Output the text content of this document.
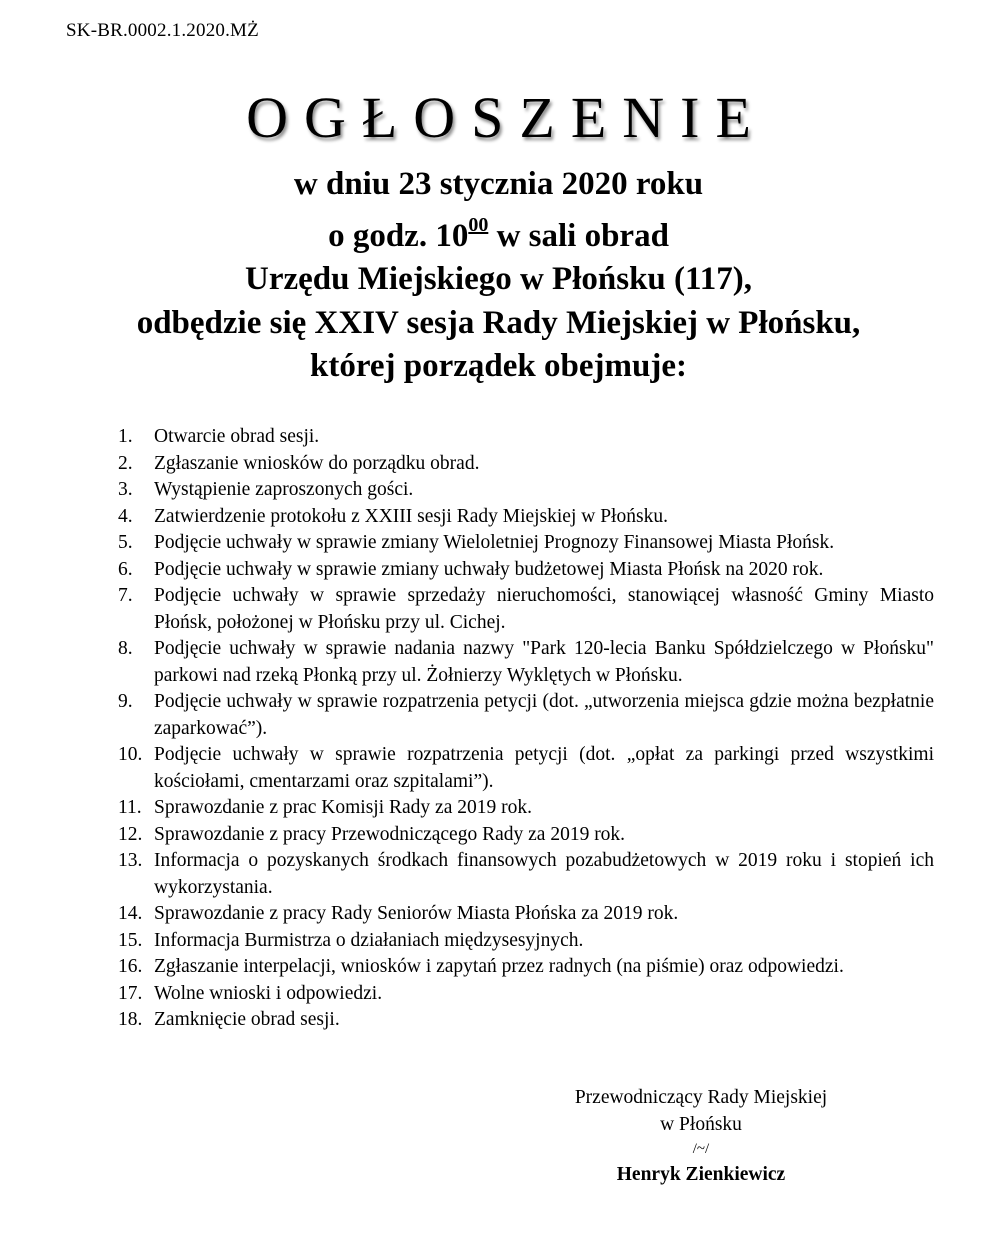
SK-BR.0002.1.2020.MŻ
OGŁOSZENIE
w dniu 23 stycznia 2020 roku
o godz. $10^{00}$ w sali obrad
Urzędu Miejskiego w Płońsku (117),
odbędzie się XXIV sesja Rady Miejskiej w Płońsku,
której porządek obejmuje:
1.	Otwarcie obrad sesji.
2.	Zgłaszanie wniosków do porządku obrad.
3.	Wystąpienie zaproszonych gości.
4.	Zatwierdzenie protokołu z XXIII sesji Rady Miejskiej w Płońsku.
5.	Podjęcie uchwały w sprawie zmiany Wieloletniej Prognozy Finansowej Miasta Płońsk.
6.	Podjęcie uchwały w sprawie zmiany uchwały budżetowej Miasta Płońsk na 2020 rok.
7.	Podjęcie uchwały w sprawie sprzedaży nieruchomości, stanowiącej własność Gminy Miasto Płońsk, położonej w Płońsku przy ul. Cichej.
8.	Podjęcie uchwały w sprawie nadania nazwy "Park 120-lecia Banku Spółdzielczego w Płońsku" parkowi nad rzeką Płonką przy ul. Żołnierzy Wyklętych w Płońsku.
9.	Podjęcie uchwały w sprawie rozpatrzenia petycji (dot. „utworzenia miejsca gdzie można bezpłatnie zaparkować”).
10. Podjęcie uchwały w sprawie rozpatrzenia petycji (dot. „opłat za parkingi przed wszystkimi kościołami, cmentarzami oraz szpitalami”).
11. Sprawozdanie z prac Komisji Rady za 2019 rok.
12. Sprawozdanie z pracy Przewodniczącego Rady za 2019 rok.
13. Informacja o pozyskanych środkach finansowych pozabudżetowych w 2019 roku i stopień ich wykorzystania.
14. Sprawozdanie z pracy Rady Seniorów Miasta Płońska za 2019 rok.
15. Informacja Burmistrza o działaniach międzysesyjnych.
16. Zgłaszanie interpelacji, wniosków i zapytań przez radnych (na piśmie) oraz odpowiedzi.
17. Wolne wnioski i odpowiedzi.
18. Zamknięcie obrad sesji.
Przewodniczący Rady Miejskiej
w Płońsku
/~/
Henryk Zienkiewicz
